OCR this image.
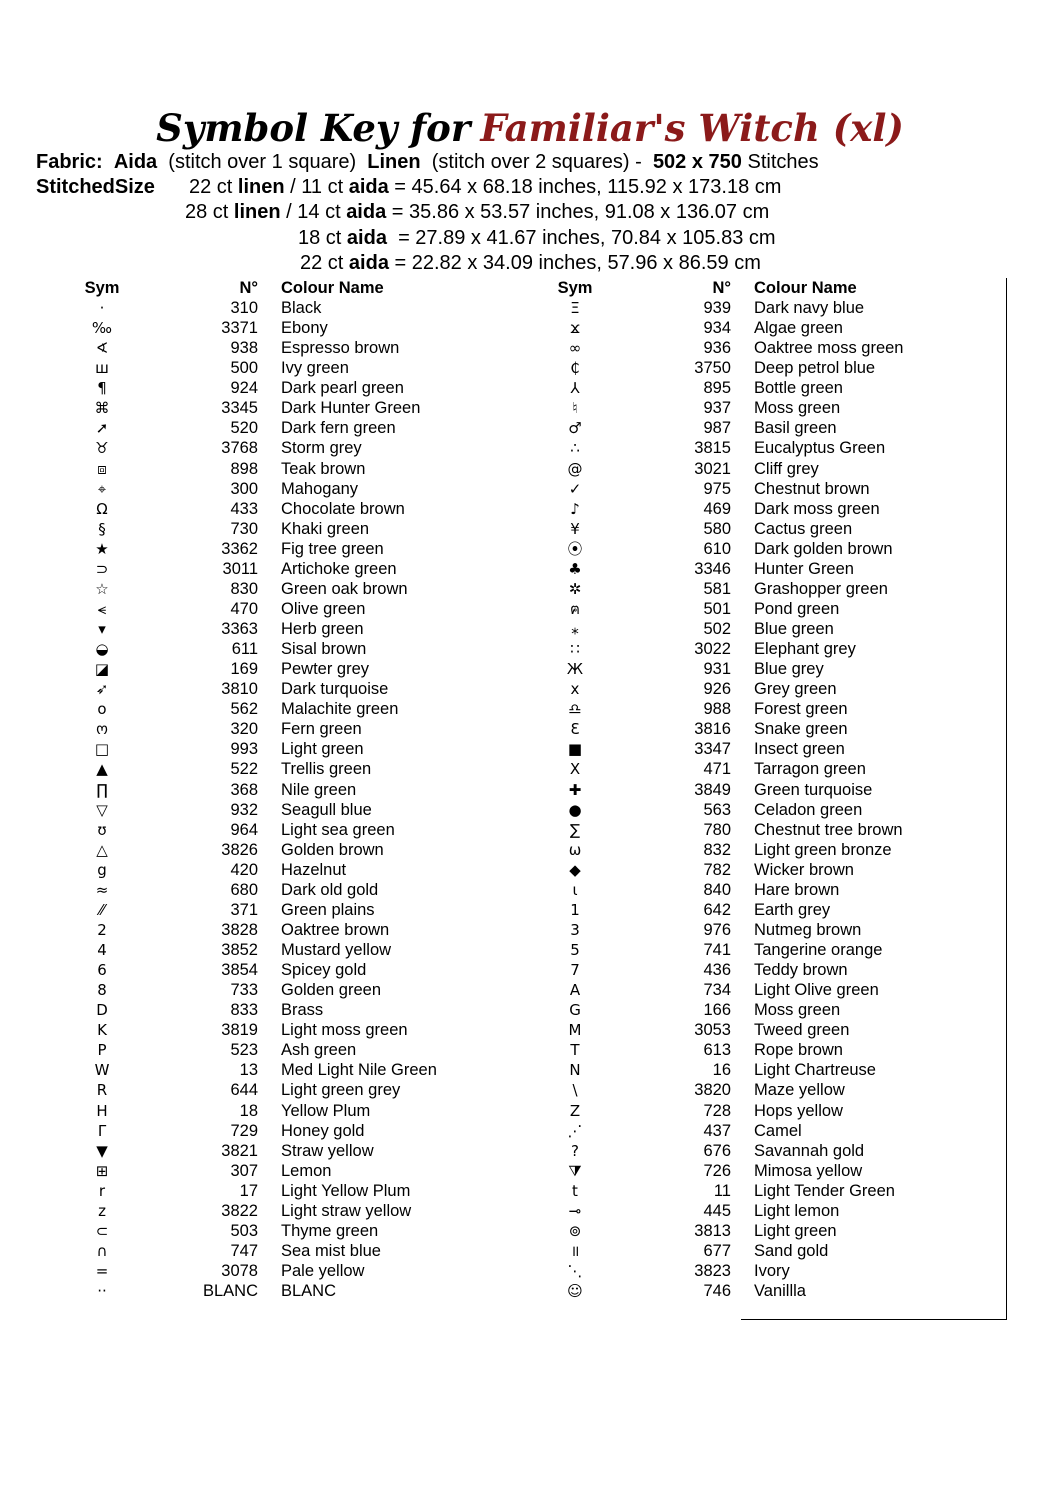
Symbol Key for Familiar's Witch (xl)
Fabric: Aida (stitch over 1 square) Linen (stitch over 2 squares) - 502 x 750 Stitches
StitchedSize 22 ct linen / 11 ct aida = 45.64 x 68.18 inches, 115.92 x 173.18 cm
28 ct linen / 14 ct aida = 35.86 x 53.57 inches, 91.08 x 136.07 cm
18 ct aida  = 27.89 x 41.67 inches, 70.84 x 105.83 cm
22 ct aida = 22.82 x 34.09 inches, 57.96 x 86.59 cm
Sym	N° Colour Name
·	310 Black
‰	3371 Ebony
∢	938 Espresso brown
ш	500 Ivy green
¶	924 Dark pearl green
⌘	3345 Dark Hunter Green
➚	520 Dark fern green
♉	3768 Storm grey
⧈	898 Teak brown
⌖	300 Mahogany
Ω	433 Chocolate brown
§	730 Khaki green
★	3362 Fig tree green
⊃	3011 Artichoke green
☆	830 Green oak brown
⪪	470 Olive green
▾	3363 Herb green
◒	611 Sisal brown
◪	169 Pewter grey
➶	3810 Dark turquoise
o	562 Malachite green
ო	320 Fern green
□	993 Light green
▲	522 Trellis green
∏	368 Nile green
▽	932 Seagull blue
ʊ	964 Light sea green
△	3826 Golden brown
g	420 Hazelnut
≈	680 Dark old gold
⁄⁄	371 Green plains
2	3828 Oaktree brown
4	3852 Mustard yellow
6	3854 Spicey gold
8	733 Golden green
D	833 Brass
K	3819 Light moss green
P	523 Ash green
W	13 Med Light Nile Green
R	644 Light green grey
H	18 Yellow Plum
Γ	729 Honey gold
▼	3821 Straw yellow
⊞	307 Lemon
r	17 Light Yellow Plum
z	3822 Light straw yellow
⊂	503 Thyme green
∩	747 Sea mist blue
=	3078 Pale yellow
··	BLANC BLANC
Sym	N° Colour Name
Ξ	939 Dark navy blue
ϫ	934 Algae green
∞	936 Oaktree moss green
₵	3750 Deep petrol blue
⅄	895 Bottle green
♮	937 Moss green
♂	987 Basil green
∴	3815 Eucalyptus Green
@	3021 Cliff grey
✓	975 Chestnut brown
♪	469 Dark moss green
¥	580 Cactus green
⦿	610 Dark golden brown
♣	3346 Hunter Green
✲	581 Grashopper green
ฅ	501 Pond green
⁎	502 Blue green
∷	3022 Elephant grey
Ж	931 Blue grey
x	926 Grey green
♎	988 Forest green
Ɛ	3816 Snake green
■	3347 Insect green
Ⅹ	471 Tarragon green
✚	3849 Green turquoise
●	563 Celadon green
∑	780 Chestnut tree brown
ω	832 Light green bronze
◆	782 Wicker brown
ɩ	840 Hare brown
1	642 Earth grey
3	976 Nutmeg brown
5	741 Tangerine orange
7	436 Teddy brown
A	734 Light Olive green
G	166 Moss green
M	3053 Tweed green
T	613 Rope brown
N	16 Light Chartreuse
\	3820 Maze yellow
Z	728 Hops yellow
⋰	437 Camel
?	676 Savannah gold
⧩	726 Mimosa yellow
t	11 Light Tender Green
⊸	445 Light lemon
⊚	3813 Light green
॥	677 Sand gold
⋱	3823 Ivory
☺	746 Vanillla
